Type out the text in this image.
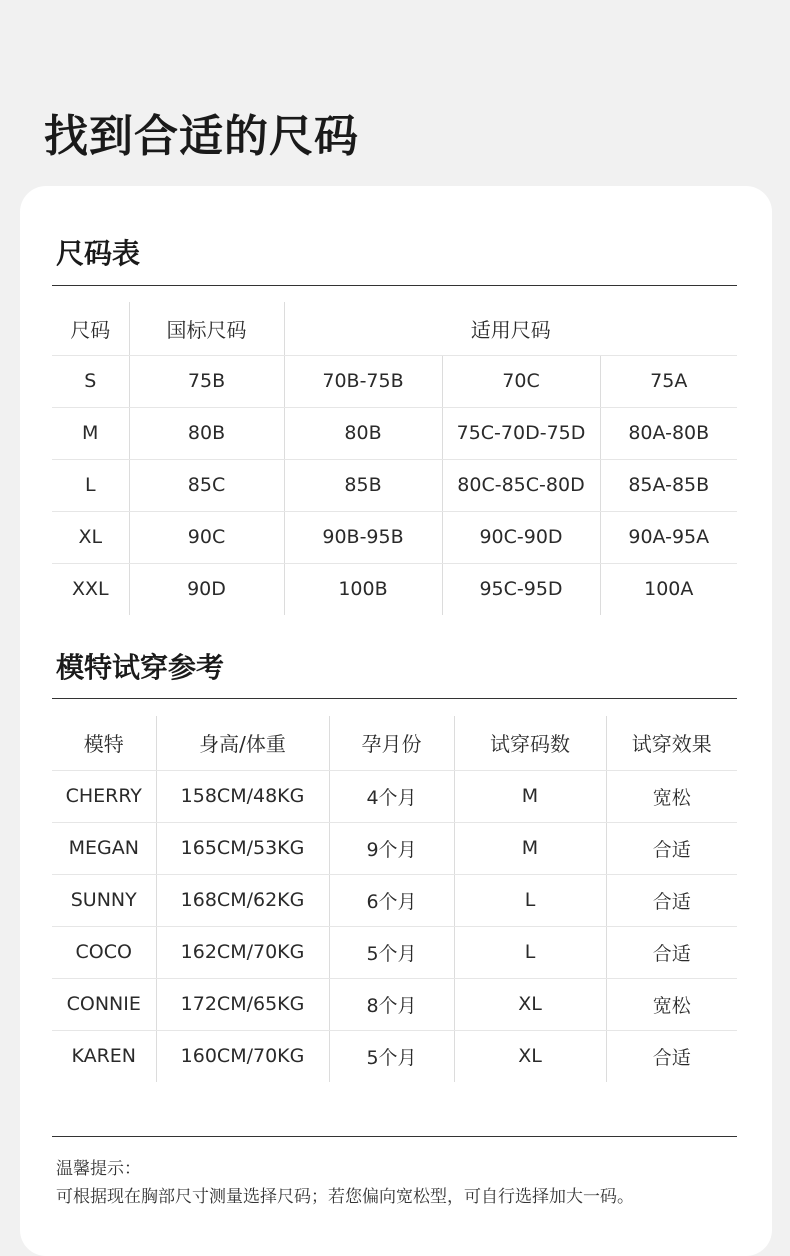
找到合适的尺码
尺码表
尺码	国标尺码	适用尺码		
S	75B	70B-75B	70C	75A
M	80B	80B	75C-70D-75D	80A-80B
L	85C	85B	80C-85C-80D	85A-85B
XL	90C	90B-95B	90C-90D	90A-95A
XXL	90D	100B	95C-95D	100A
模特试穿参考
模特	身高/体重	孕月份	试穿码数	试穿效果
CHERRY	158CM/48KG	4个月	M	宽松
MEGAN	165CM/53KG	9个月	M	合适
SUNNY	168CM/62KG	6个月	L	合适
COCO	162CM/70KG	5个月	L	合适
CONNIE	172CM/65KG	8个月	XL	宽松
KAREN	160CM/70KG	5个月	XL	合适
温馨提示：
可根据现在胸部尺寸测量选择尺码；若您偏向宽松型，可自行选择加大一码。
